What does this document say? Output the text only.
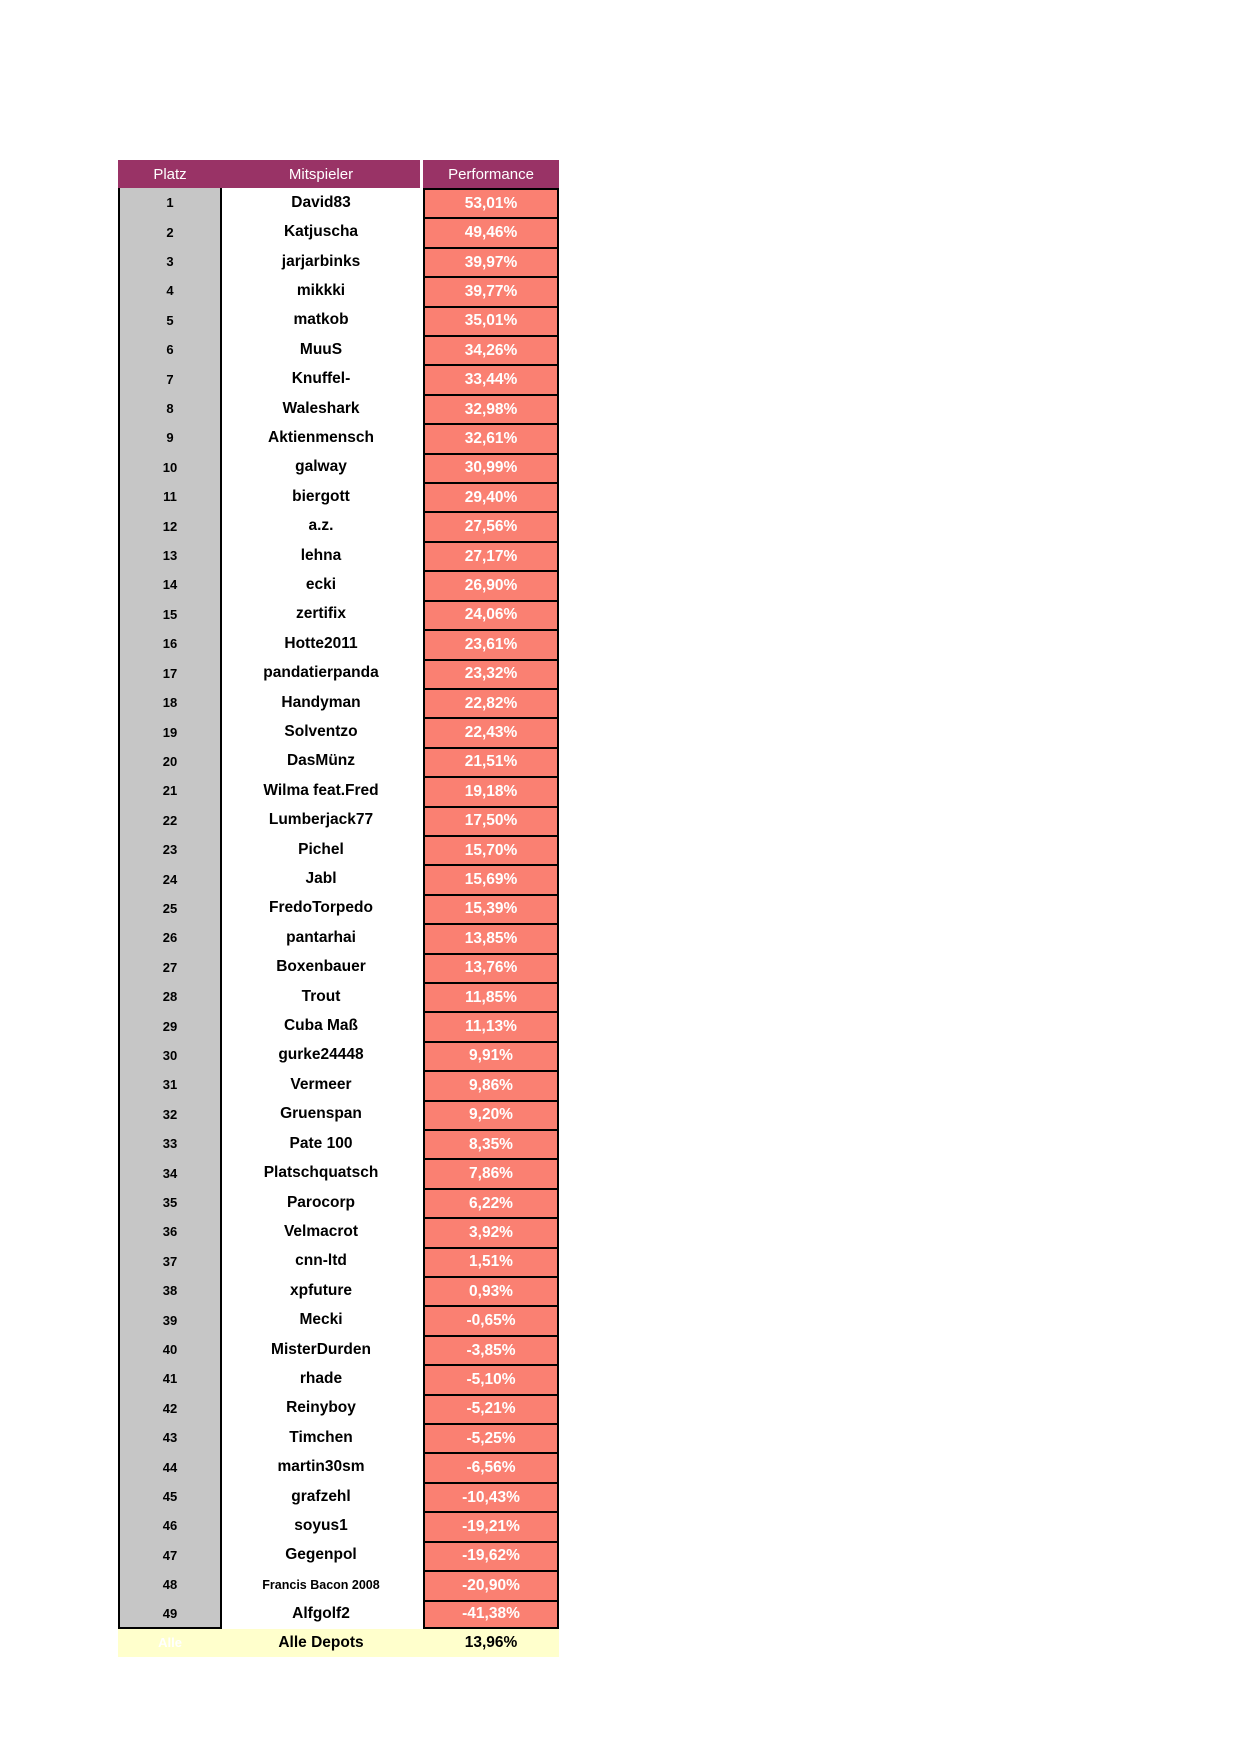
Platz	Mitspieler	Performance
1	David83	53,01%
2	Katjuscha	49,46%
3	jarjarbinks	39,97%
4	mikkki	39,77%
5	matkob	35,01%
6	MuuS	34,26%
7	Knuffel-	33,44%
8	Waleshark	32,98%
9	Aktienmensch	32,61%
10	galway	30,99%
11	biergott	29,40%
12	a.z.	27,56%
13	lehna	27,17%
14	ecki	26,90%
15	zertifix	24,06%
16	Hotte2011	23,61%
17	pandatierpanda	23,32%
18	Handyman	22,82%
19	Solventzo	22,43%
20	DasMünz	21,51%
21	Wilma feat.Fred	19,18%
22	Lumberjack77	17,50%
23	Pichel	15,70%
24	Jabl	15,69%
25	FredoTorpedo	15,39%
26	pantarhai	13,85%
27	Boxenbauer	13,76%
28	Trout	11,85%
29	Cuba Maß	11,13%
30	gurke24448	9,91%
31	Vermeer	9,86%
32	Gruenspan	9,20%
33	Pate 100	8,35%
34	Platschquatsch	7,86%
35	Parocorp	6,22%
36	Velmacrot	3,92%
37	cnn-ltd	1,51%
38	xpfuture	0,93%
39	Mecki	-0,65%
40	MisterDurden	-3,85%
41	rhade	-5,10%
42	Reinyboy	-5,21%
43	Timchen	-5,25%
44	martin30sm	-6,56%
45	grafzehl	-10,43%
46	soyus1	-19,21%
47	Gegenpol	-19,62%
48	Francis Bacon 2008	-20,90%
49	Alfgolf2	-41,38%
Alle	Alle Depots	13,96%
